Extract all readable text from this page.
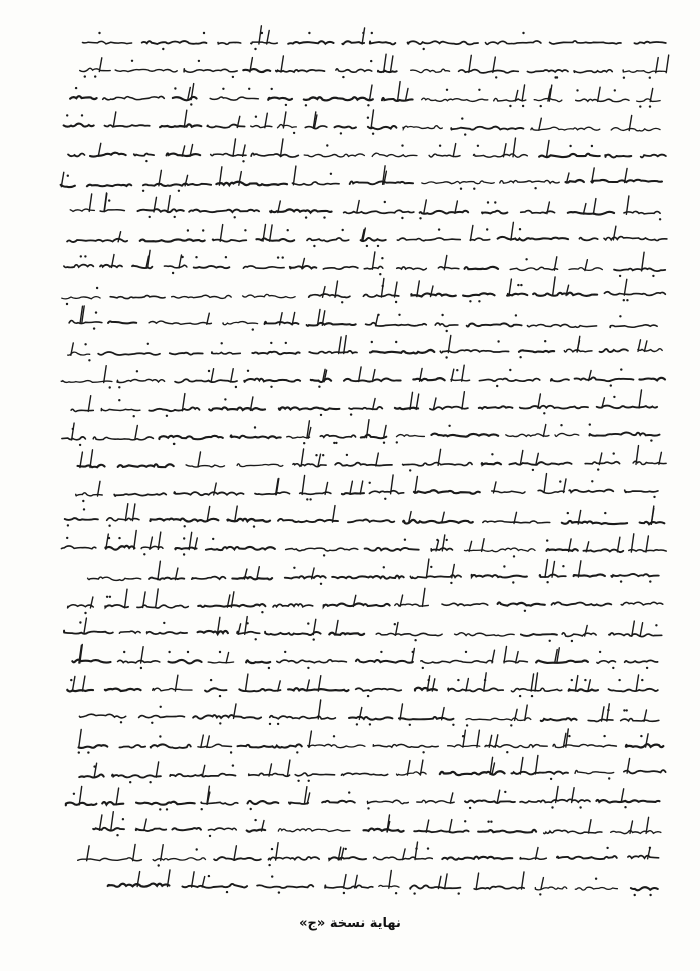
نهاية نسخة «ج»
